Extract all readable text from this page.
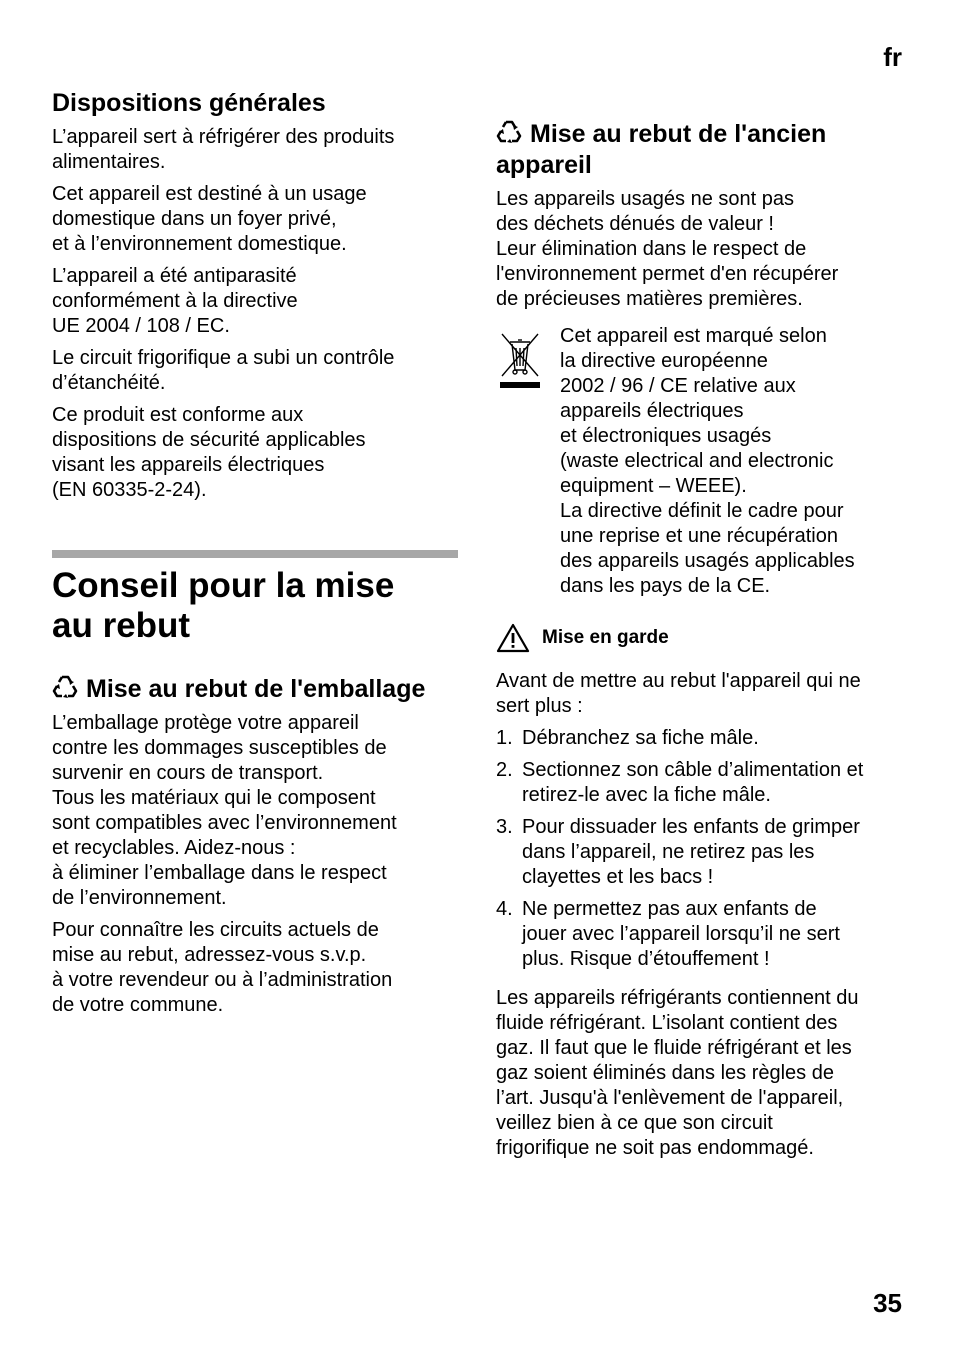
fr
Dispositions générales

L’appareil sert à réfrigérer des produits
alimentaires.

Cet appareil est destiné à un usage
domestique dans un foyer privé,
et à l’environnement domestique.

L’appareil a été antiparasité
conformément à la directive
UE 2004 / 108 / EC.

Le circuit frigorifique a subi un contrôle
d’étanchéité.

Ce produit est conforme aux
dispositions de sécurité applicables
visant les appareils électriques
(EN 60335-2-24).

Conseil pour la mise
au rebut
Mise au rebut de l'emballage

L’emballage protège votre appareil
contre les dommages susceptibles de
survenir en cours de transport.
Tous les matériaux qui le composent
sont compatibles avec l’environnement
et recyclables. Aidez-nous :
à éliminer l’emballage dans le respect
de l’environnement.

Pour connaître les circuits actuels de
mise au rebut, adressez-vous s.v.p.
à votre revendeur ou à l’administration
de votre commune.

Mise au rebut de l'ancien
appareil

Les appareils usagés ne sont pas
des déchets dénués de valeur !
Leur élimination dans le respect de
l'environnement permet d'en récupérer
de précieuses matières premières.

Cet appareil est marqué selon
la directive européenne
2002 / 96 / CE relative aux
appareils électriques
et électroniques usagés
(waste electrical and electronic
equipment – WEEE).
La directive définit le cadre pour
une reprise et une récupération
des appareils usagés applicables
dans les pays de la CE.

Mise en garde

Avant de mettre au rebut l'appareil qui ne
sert plus :

1. Débranchez sa fiche mâle.
2. Sectionnez son câble d’alimentation et
retirez-le avec la fiche mâle.
3. Pour dissuader les enfants de grimper
dans l’appareil, ne retirez pas les
clayettes et les bacs !
4. Ne permettez pas aux enfants de
jouer avec l’appareil lorsqu’il ne sert
plus. Risque d’étouffement !

Les appareils réfrigérants contiennent du
fluide réfrigérant. L’isolant contient des
gaz. Il faut que le fluide réfrigérant et les
gaz soient éliminés dans les règles de
l’art. Jusqu'à l'enlèvement de l'appareil,
veillez bien à ce que son circuit
frigorifique ne soit pas endommagé.

35
